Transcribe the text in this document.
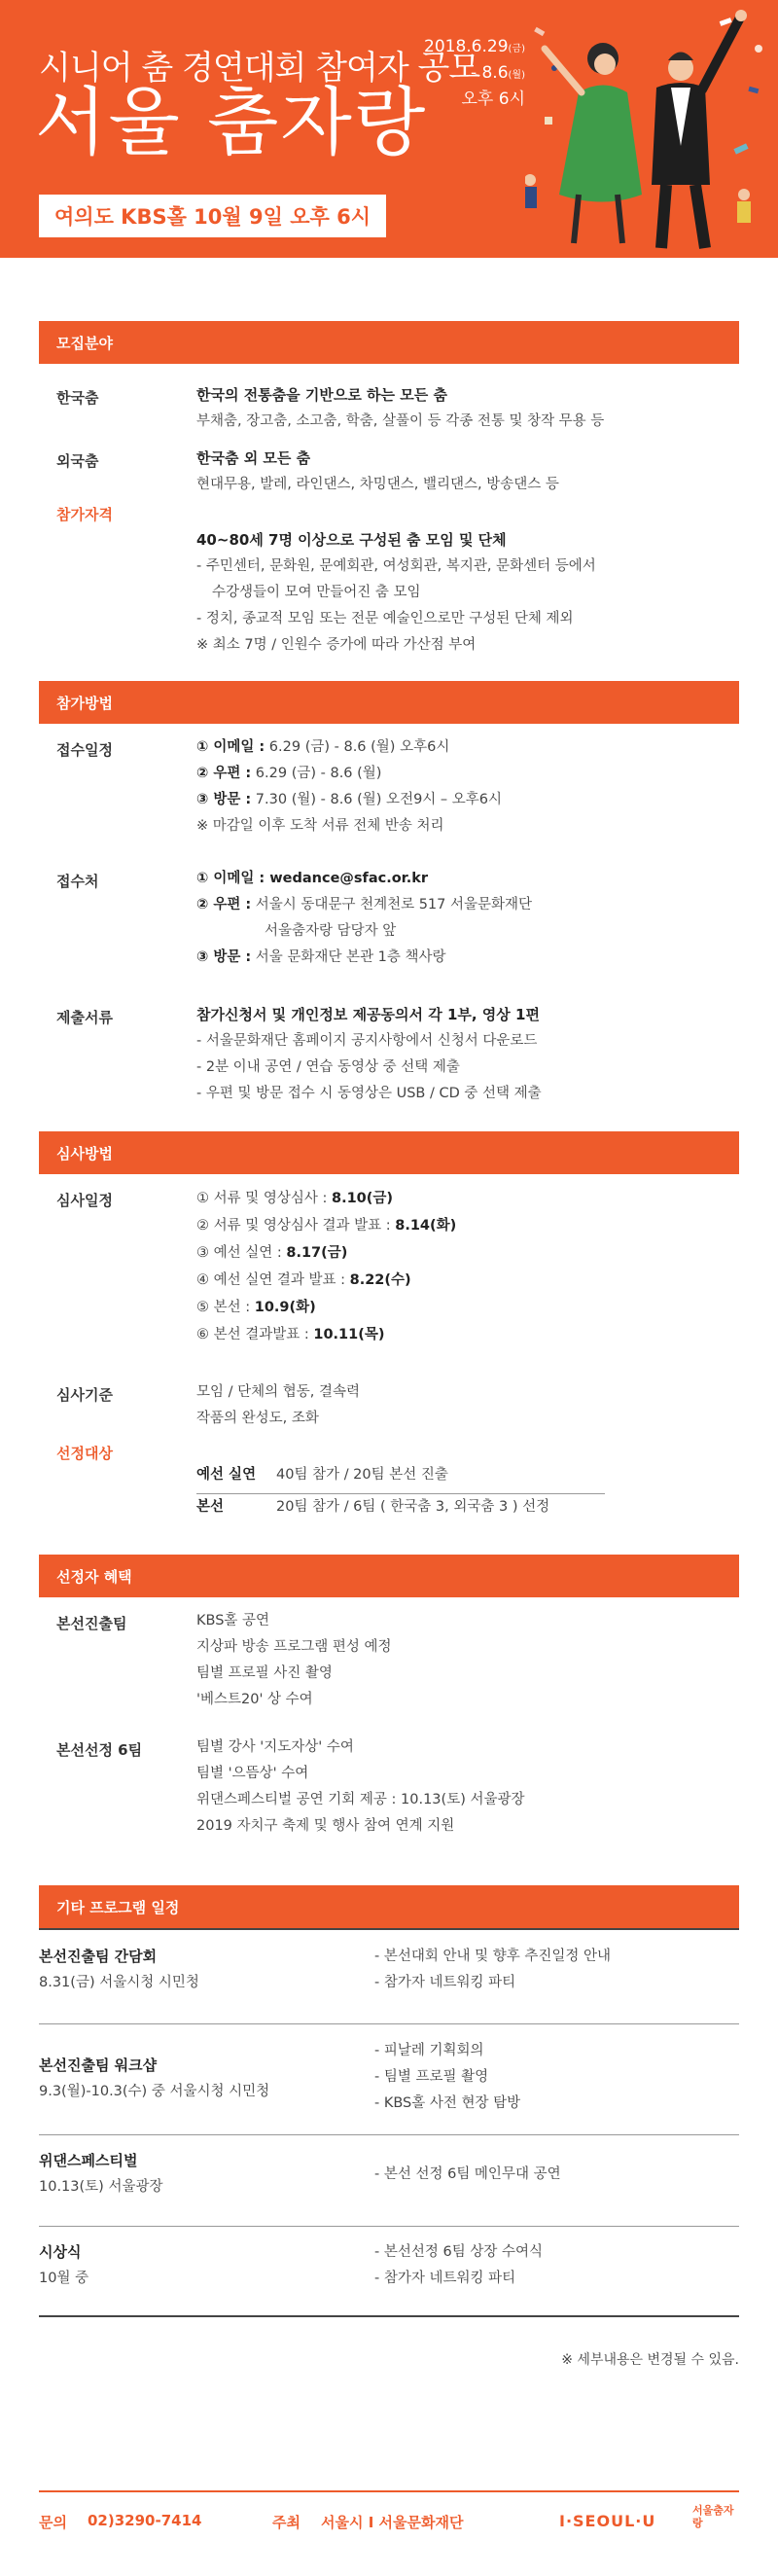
시니어 춤 경연대회 참여자 공모
서울 춤자랑
2018.6.29(금)
- 8.6(월)
오후 6시
여의도 KBS홀 10월 9일 오후 6시
모집분야
한국춤	한국의 전통춤을 기반으로 하는 모든 춤
부채춤, 장고춤, 소고춤, 학춤, 살풀이 등 각종 전통 및 창작 무용 등
외국춤	한국춤 외 모든 춤
현대무용, 발레, 라인댄스, 차밍댄스, 밸리댄스, 방송댄스 등
참가자격
40~80세 7명 이상으로 구성된 춤 모임 및 단체
- 주민센터, 문화원, 문예회관, 여성회관, 복지관, 문화센터 등에서
수강생들이 모여 만들어진 춤 모임
- 정치, 종교적 모임 또는 전문 예술인으로만 구성된 단체 제외
※ 최소 7명 / 인원수 증가에 따라 가산점 부여
참가방법
접수일정	① 이메일 : 6.29 (금) - 8.6 (월) 오후6시
② 우편 : 6.29 (금) - 8.6 (월)
③ 방문 : 7.30 (월) - 8.6 (월) 오전9시 – 오후6시
※ 마감일 이후 도착 서류 전체 반송 처리
접수처	① 이메일 : wedance@sfac.or.kr
② 우편 : 서울시 동대문구 천계천로 517 서울문화재단
서울춤자랑 담당자 앞
③ 방문 : 서울 문화재단 본관 1층 책사랑
제출서류	참가신청서 및 개인정보 제공동의서 각 1부, 영상 1편
- 서울문화재단 홈페이지 공지사항에서 신청서 다운로드
- 2분 이내 공연 / 연습 동영상 중 선택 제출
- 우편 및 방문 접수 시 동영상은 USB / CD 중 선택 제출
심사방법
심사일정	① 서류 및 영상심사 : 8.10(금)
② 서류 및 영상심사 결과 발표 : 8.14(화)
③ 예선 실연 : 8.17(금)
④ 예선 실연 결과 발표 : 8.22(수)
⑤ 본선 : 10.9(화)
⑥ 본선 결과발표 : 10.11(목)
심사기준	모임 / 단체의 협동, 결속력
작품의 완성도, 조화
선정대상
예선 실연 40팀 참가 / 20팀 본선 진출
본선	20팀 참가 / 6팀 ( 한국춤 3, 외국춤 3 ) 선정
선정자 혜택
본선진출팀	KBS홀 공연
지상파 방송 프로그램 편성 예정
팀별 프로필 사진 촬영
'베스트20' 상 수여
본선선정 6팀	팀별 강사 '지도자상' 수여
팀별 '으뜸상' 수여
위댄스페스티벌 공연 기회 제공 : 10.13(토) 서울광장
2019 자치구 축제 및 행사 참여 연계 지원
기타 프로그램 일정
본선진출팀 간담회
8.31(금) 서울시청 시민청
- 본선대회 안내 및 향후 추진일정 안내
- 참가자 네트워킹 파티
본선진출팀 워크샵
9.3(월)-10.3(수) 중 서울시청 시민청
- 피날레 기획회의
- 팀별 프로필 촬영
- KBS홀 사전 현장 탐방
위댄스페스티벌
10.13(토) 서울광장
- 본선 선정 6팀 메인무대 공연
시상식
10월 중
- 본선선정 6팀 상장 수여식
- 참가자 네트워킹 파티
※ 세부내용은 변경될 수 있음.
문의 02)3290-7414	주최 서울시 I 서울문화재단	I·SEOUL·U
서울춤자랑
